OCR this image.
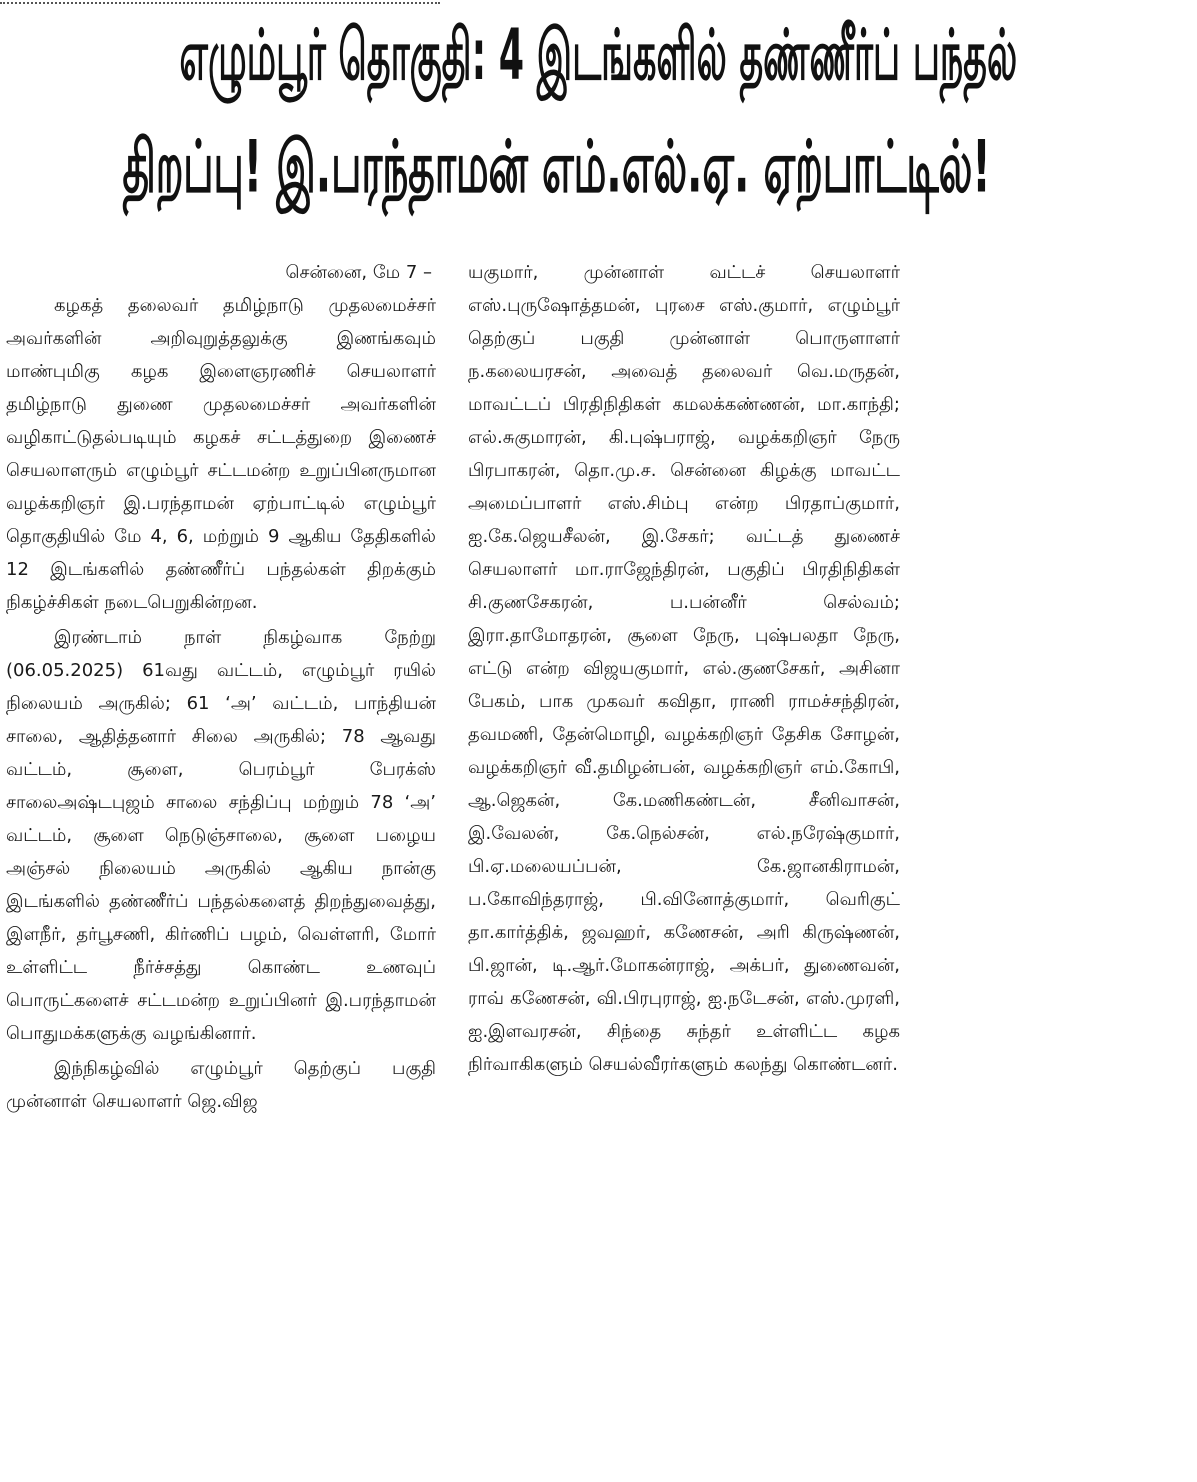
எழும்பூர் தொகுதி: 4 இடங்களில் தண்ணீர்ப் பந்தல்
திறப்பு! இ.பரந்தாமன் எம்.எல்.ஏ. ஏற்பாட்டில்!

சென்னை, மே 7 –

கழகத் தலைவர் தமிழ்நாடு முதலமைச்சர் அவர்களின் அறிவுறுத்தலுக்கு இணங்கவும் மாண்புமிகு கழக இளைஞரணிச் செயலாளர் தமிழ்நாடு துணை முதலமைச்சர் அவர்களின் வழிகாட்டுதல்படியும் கழகச் சட்டத்துறை இணைச் செயலாளரும் எழும்பூர் சட்டமன்ற உறுப்பினருமான வழக்கறிஞர் இ.பரந்தாமன் ஏற்பாட்டில் எழும்பூர் தொகுதியில் மே 4, 6, மற்றும் 9 ஆகிய தேதிகளில் 12 இடங்களில் தண்ணீர்ப் பந்தல்கள் திறக்கும் நிகழ்ச்சிகள் நடைபெறுகின்றன.

இரண்டாம் நாள் நிகழ்வாக நேற்று (06.05.2025) 61வது வட்டம், எழும்பூர் ரயில் நிலையம் அருகில்; 61 ‘அ’ வட்டம், பாந்தியன் சாலை, ஆதித்தனார் சிலை அருகில்; 78 ஆவது வட்டம், சூளை, பெரம்பூர் பேரக்ஸ் சாலைஅஷ்டபுஜம் சாலை சந்திப்பு மற்றும் 78 ‘அ’ வட்டம், சூளை நெடுஞ்சாலை, சூளை பழைய அஞ்சல் நிலையம் அருகில் ஆகிய நான்கு இடங்களில் தண்ணீர்ப் பந்தல்களைத் திறந்துவைத்து, இளநீர், தர்பூசணி, கிர்ணிப் பழம், வெள்ளரி, மோர் உள்ளிட்ட நீர்ச்சத்து கொண்ட உணவுப் பொருட்களைச் சட்டமன்ற உறுப்பினர் இ.பரந்தாமன் பொதுமக்களுக்கு வழங்கினார்.

இந்நிகழ்வில் எழும்பூர் தெற்குப் பகுதி முன்னாள் செயலாளர் ஜெ.விஜ

யகுமார், முன்னாள் வட்டச் செயலாளர் எஸ்.புருஷோத்தமன், புரசை எஸ்.குமார், எழும்பூர் தெற்குப் பகுதி முன்னாள் பொருளாளர் ந.கலையரசன், அவைத் தலைவர் வெ.மருதன், மாவட்டப் பிரதிநிதிகள் கமலக்கண்ணன், மா.காந்தி; எல்.சுகுமாரன், கி.புஷ்பராஜ், வழக்கறிஞர் நேரு பிரபாகரன், தொ.மு.ச. சென்னை கிழக்கு மாவட்ட அமைப்பாளர் எஸ்.சிம்பு என்ற பிரதாப்குமார், ஐ.கே.ஜெயசீலன், இ.சேகர்; வட்டத் துணைச் செயலாளர் மா.ராஜேந்திரன், பகுதிப் பிரதிநிதிகள் சி.குணசேகரன், ப.பன்னீர் செல்வம்; இரா.தாமோதரன், சூளை நேரு, புஷ்பலதா நேரு, எட்டு என்ற விஜயகுமார், எல்.குணசேகர், அசினா பேகம், பாக முகவர் கவிதா, ராணி ராமச்சந்திரன், தவமணி, தேன்மொழி, வழக்கறிஞர் தேசிக சோழன், வழக்கறிஞர் வீ.தமிழன்பன், வழக்கறிஞர் எம்.கோபி, ஆ.ஜெகன், கே.மணிகண்டன், சீனிவாசன், இ.வேலன், கே.நெல்சன், எல்.நரேஷ்குமார், பி.ஏ.மலையப்பன், கே.ஜானகிராமன், ப.கோவிந்தராஜ், பி.வினோத்குமார், வெரிகுட் தா.கார்த்திக், ஜவஹர், கணேசன், அரி கிருஷ்ணன், பி.ஜான், டி.ஆர்.மோகன்ராஜ், அக்பர், துணைவன், ராவ் கணேசன், வி.பிரபுராஜ், ஐ.நடேசன், எஸ்.முரளி, ஐ.இளவரசன், சிந்தை சுந்தர் உள்ளிட்ட கழக நிர்வாகிகளும் செயல்வீரர்களும் கலந்து கொண்டனர்.
